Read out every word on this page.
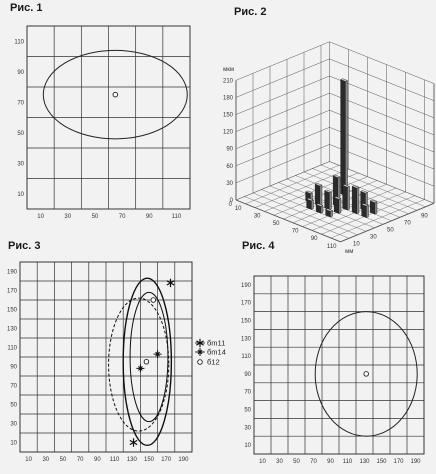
Рис. 1	Рис. 2
Рис. 3	Рис. 4
10	30	50	70	90	110
10
30
50
70
90
110
0
30
60
90
120
150
180
210
мкм
0
10
30
50
70
90
110
мм
10
30
50
70
90
10 30 50 70 90 110 130 150 170 190
10
30
50
70
90
110
130
150
170
190
бm11
бm14
б12
10 30 50 70 90 110 130 150 170 190
10
30
50
70
90
110
130
150
170
190
